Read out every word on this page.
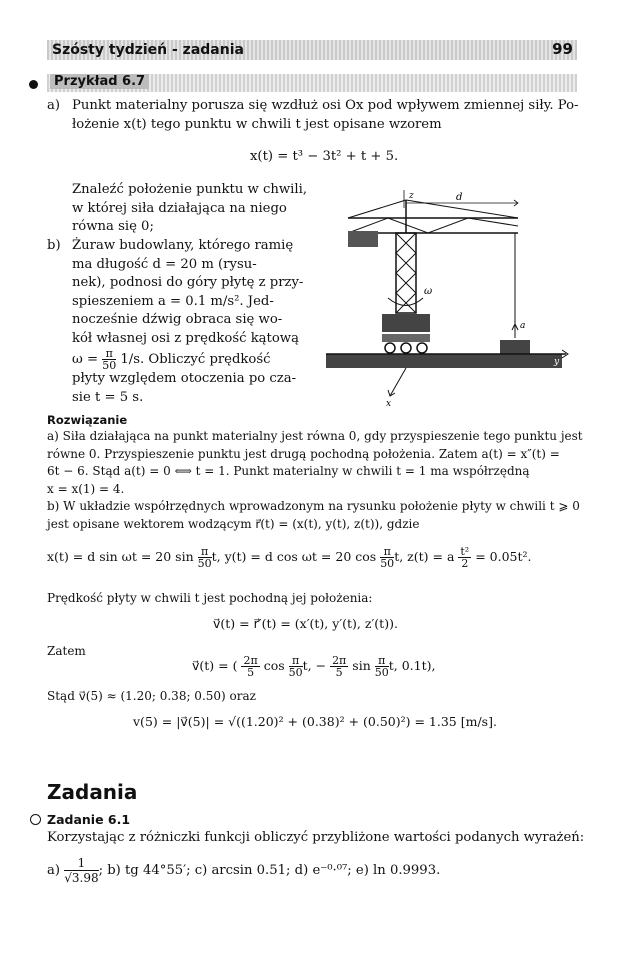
Szósty tydzień - zadania	99
Przykład 6.7
a) Punkt materialny porusza się wzdłuż osi Ox pod wpływem zmiennej siły. Po-
łożenie x(t) tego punktu w chwili t jest opisane wzorem
x(t) = t³ − 3t² + t + 5.
Znaleźć położenie punktu w chwili,
w której siła działająca na niego
równa się 0;
b) Żuraw budowlany, którego ramię
ma długość d = 20 m (rysu-
nek), podnosi do góry płytę z przy-
spieszeniem a = 0.1 m/s². Jed-
nocześnie dźwig obraca się wo-
kół własnej osi z prędkość kątową
$\omega = \frac{\pi}{50} 1/s$. Obliczyć prędkość
płyty względem otoczenia po cza-
sie t = 5 s.
d
z
ω
a
y
x
Rozwiązanie
a) Siła działająca na punkt materialny jest równa 0, gdy przyspieszenie tego punktu jest
równe 0. Przyspieszenie punktu jest drugą pochodną położenia. Zatem a(t) = x″(t) =
6t − 6. Stąd a(t) = 0 ⟺ t = 1. Punkt materialny w chwili t = 1 ma współrzędną
x = x(1) = 4.
b) W układzie współrzędnych wprowadzonym na rysunku położenie płyty w chwili t ⩾ 0
jest opisane wektorem wodzącym r⃗(t) = (x(t), y(t), z(t)), gdzie
x(t) = d sin ωt = 20 $\sin \frac{\pi}{50} t$, y(t) = d cos ωt = 20 $\cos \frac{\pi}{50} t$, z(t) = a $\frac{\text{t²}}{2} = 0.05t^2$.
Prędkość płyty w chwili t jest pochodną jej położenia:
v⃗(t) = r⃗′(t) = (x′(t), y′(t), z′(t)).
Zatem
v⃗(t) = ( $\frac{2\pi}{5}$ $\cos \frac{\pi}{50} t$, − $\frac{2\pi}{5}$ $\sin \frac{\pi}{50} t$, 0.1t),
Stąd v⃗(5) ≈ (1.20; 0.38; 0.50) oraz
v(5) = |v⃗(5)| = √((1.20)² + (0.38)² + (0.50)²) = 1.35 [m/s].
Zadania
Zadanie 6.1
Korzystając z różniczki funkcji obliczyć przybliżone wartości podanych wyrażeń:
$a) \frac{1}{√3.98}$ ; b) tg 44°55′; c) arcsin 0.51; d) e⁻⁰·⁰⁷; e) ln 0.9993.
